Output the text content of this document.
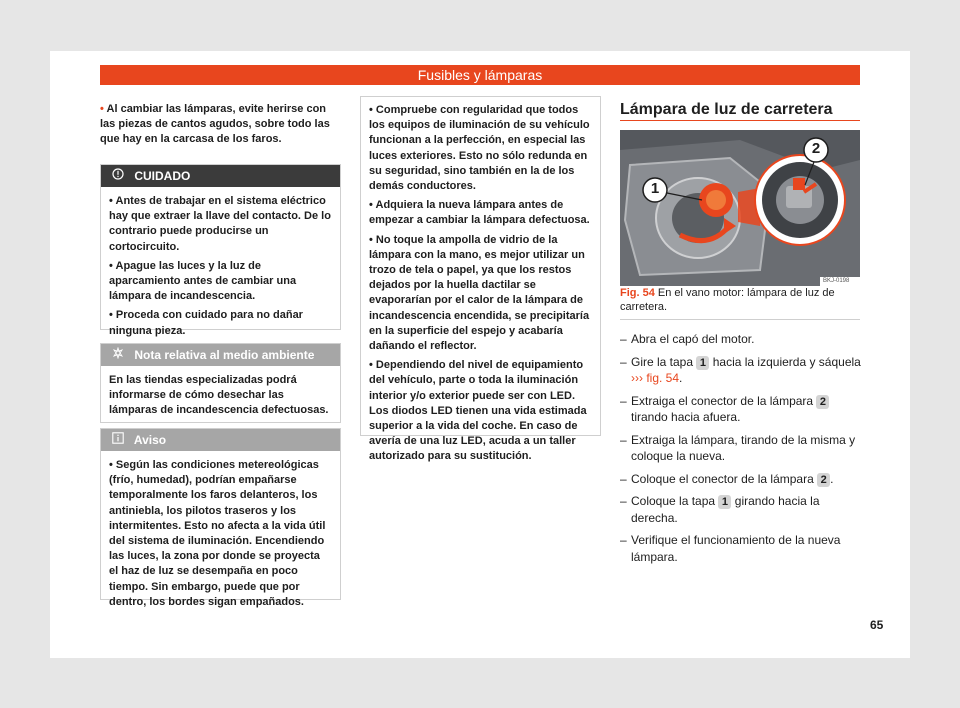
Fusibles y lámparas

• Al cambiar las lámparas, evite herirse con las piezas de cantos agudos, sobre todo las que hay en la carcasa de los faros.

CUIDADO

• Antes de trabajar en el sistema eléctrico hay que extraer la llave del contacto. De lo contrario puede producirse un cortocircuito.

• Apague las luces y la luz de aparcamiento antes de cambiar una lámpara de incandescencia.

• Proceda con cuidado para no dañar ninguna pieza.

Nota relativa al medio ambiente

En las tiendas especializadas podrá informarse de cómo desechar las lámparas de incandescencia defectuosas.

Aviso

• Según las condiciones metereológicas (frío, humedad), podrían empañarse temporalmente los faros delanteros, los antiniebla, los pilotos traseros y los intermitentes. Esto no afecta a la vida útil del sistema de iluminación. Encendiendo las luces, la zona por donde se proyecta el haz de luz se desempaña en poco tiempo. Sin embargo, puede que por dentro, los bordes sigan empañados.

• Compruebe con regularidad que todos los equipos de iluminación de su vehículo funcionan a la perfección, en especial las luces exteriores. Esto no sólo redunda en su seguridad, sino también en la de los demás conductores.

• Adquiera la nueva lámpara antes de empezar a cambiar la lámpara defectuosa.

• No toque la ampolla de vidrio de la lámpara con la mano, es mejor utilizar un trozo de tela o papel, ya que los restos dejados por la huella dactilar se evaporarían por el calor de la lámpara de incandescencia encendida, se precipitaría en la superficie del espejo y acabaría dañando el reflector.

• Dependiendo del nivel de equipamiento del vehículo, parte o toda la iluminación interior y/o exterior puede ser con LED. Los diodos LED tienen una vida estimada superior a la vida del coche. En caso de avería de una luz LED, acuda a un taller autorizado para su sustitución.

Lámpara de luz de carretera
2
1
BKJ-0198
Fig. 54 En el vano motor: lámpara de luz de carretera.
– Abra el capó del motor.
– Gire la tapa 1 hacia la izquierda y sáquela ››› fig. 54.
– Extraiga el conector de la lámpara 2 tirando hacia afuera.
– Extraiga la lámpara, tirando de la misma y coloque la nueva.
– Coloque el conector de la lámpara 2 .
– Coloque la tapa 1 girando hacia la derecha.
– Verifique el funcionamiento de la nueva lámpara.
65
